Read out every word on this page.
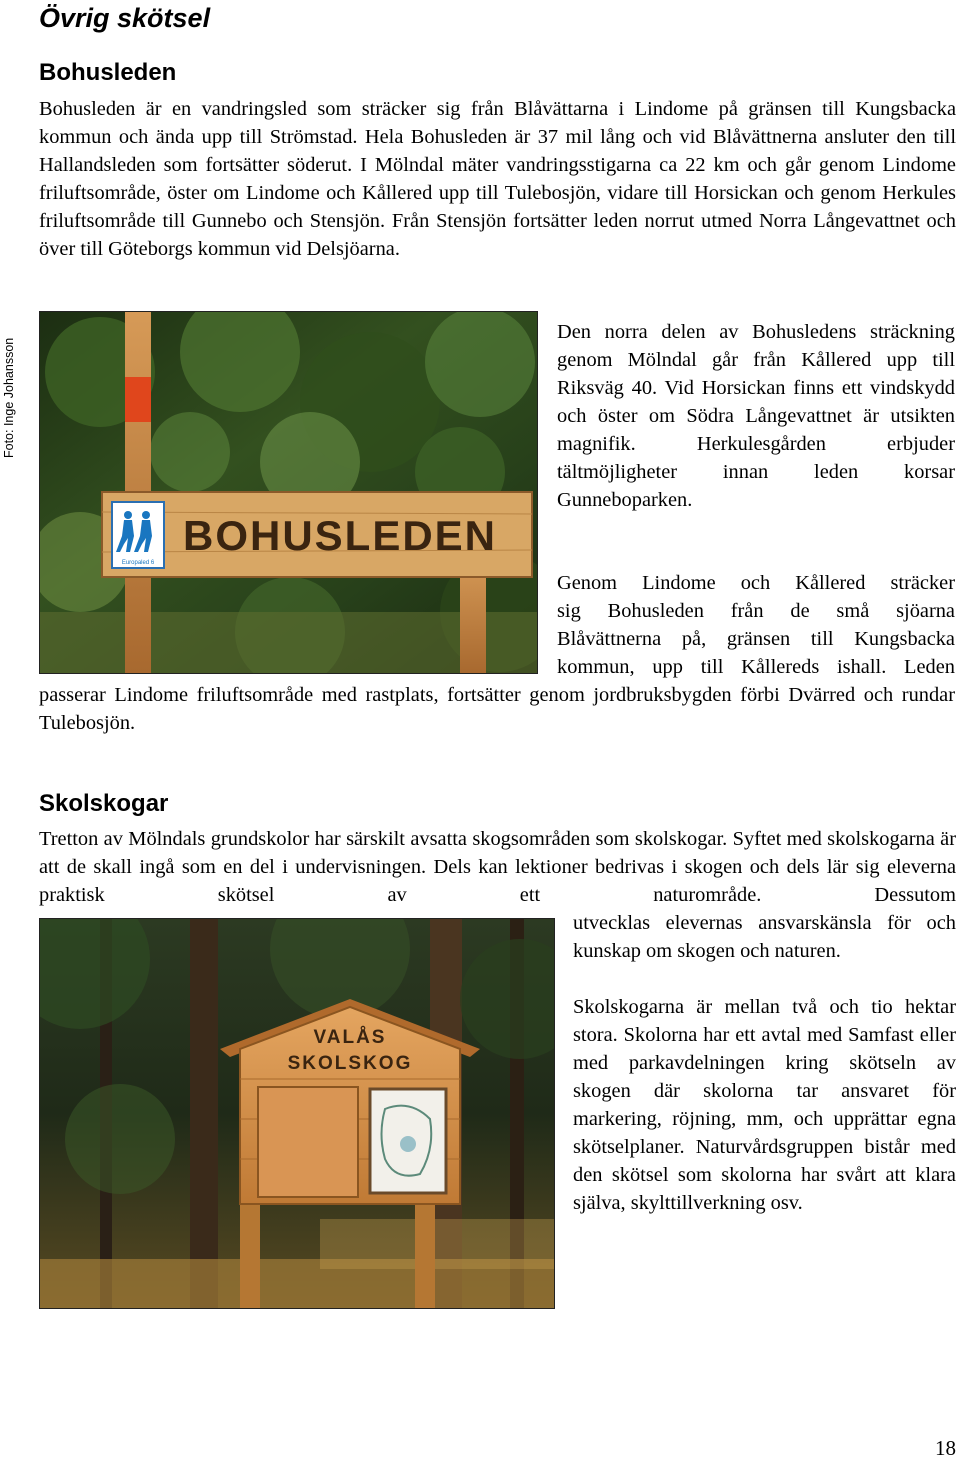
Övrig skötsel
Bohusleden

Bohusleden är en vandringsled som sträcker sig från Blåvättarna i Lindome på gränsen till Kungsbacka kommun och ända upp till Strömstad. Hela Bohusleden är 37 mil lång och vid Blåvättnerna ansluter den till Hallandsleden som fortsätter söderut. I Mölndal mäter vandringsstigarna ca 22 km och går genom Lindome friluftsområde, öster om Lindome och Kållered upp till Tulebosjön, vidare till Horsickan och genom Herkules friluftsområde till Gunnebo och Stensjön. Från Stensjön fortsätter leden norrut utmed Norra Långevattnet och över till Göteborgs kommun vid Delsjöarna.

Foto: Inge Johansson
Europaled 6
BOHUSLEDEN

Den norra delen av Bohusledens sträckning genom Mölndal går från Kållered upp till Riksväg 40. Vid Horsickan finns ett vindskydd och öster om Södra Långevattnet är utsikten magnifik. Herkulesgården erbjuder tältmöjligheter innan leden korsar Gunneboparken.

Genom Lindome och Kållered sträcker

sig Bohusleden från de små sjöarna

Blåvättnerna på, gränsen till Kungsbacka

kommun, upp till Kållereds ishall. Leden

passerar Lindome friluftsområde med rastplats, fortsätter genom jordbruksbygden förbi Dvärred och rundar Tulebosjön.

Skolskogar

Tretton av Mölndals grundskolor har särskilt avsatta skogsområden som skolskogar. Syftet med skolskogarna är att de skall ingå som en del i undervisningen. Dels kan lektioner bedrivas i skogen och dels lär sig eleverna praktisk skötsel av ett naturområde. Dessutom

utvecklas elevernas ansvarskänsla för och kunskap om skogen och naturen.

VALÅS
SKOLSKOG

Skolskogarna är mellan två och tio hektar stora. Skolorna har ett avtal med Samfast eller med parkavdelningen kring skötseln av skogen där skolorna tar ansvaret för markering, röjning, mm, och upprättar egna skötselplaner. Naturvårdsgruppen bistår med den skötsel som skolorna har svårt att klara själva, skylttillverkning osv.

18
